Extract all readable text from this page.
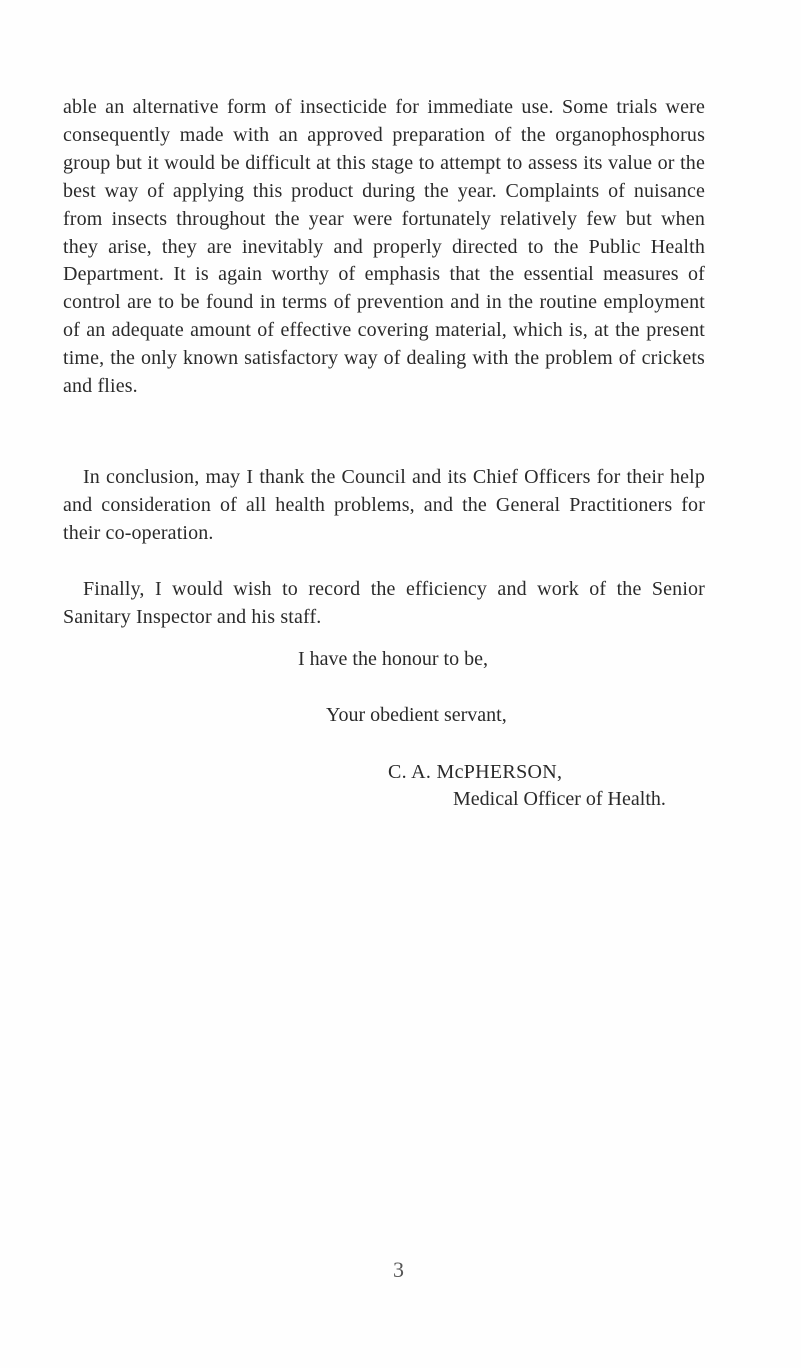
able an alternative form of insecticide for immediate use. Some trials were consequently made with an approved preparation of the organophosphorus group but it would be difficult at this stage to attempt to assess its value or the best way of applying this product during the year. Complaints of nuisance from insects throughout the year were fortunately relatively few but when they arise, they are inevitably and properly directed to the Public Health Department. It is again worthy of emphasis that the essential measures of control are to be found in terms of prevention and in the routine employment of an adequate amount of effective covering material, which is, at the present time, the only known satisfactory way of dealing with the problem of crickets and flies.

In conclusion, may I thank the Council and its Chief Officers for their help and consideration of all health problems, and the General Practitioners for their co-operation.

Finally, I would wish to record the efficiency and work of the Senior Sanitary Inspector and his staff.

I have the honour to be,

Your obedient servant,

C. A. McPHERSON,

Medical Officer of Health.

3
